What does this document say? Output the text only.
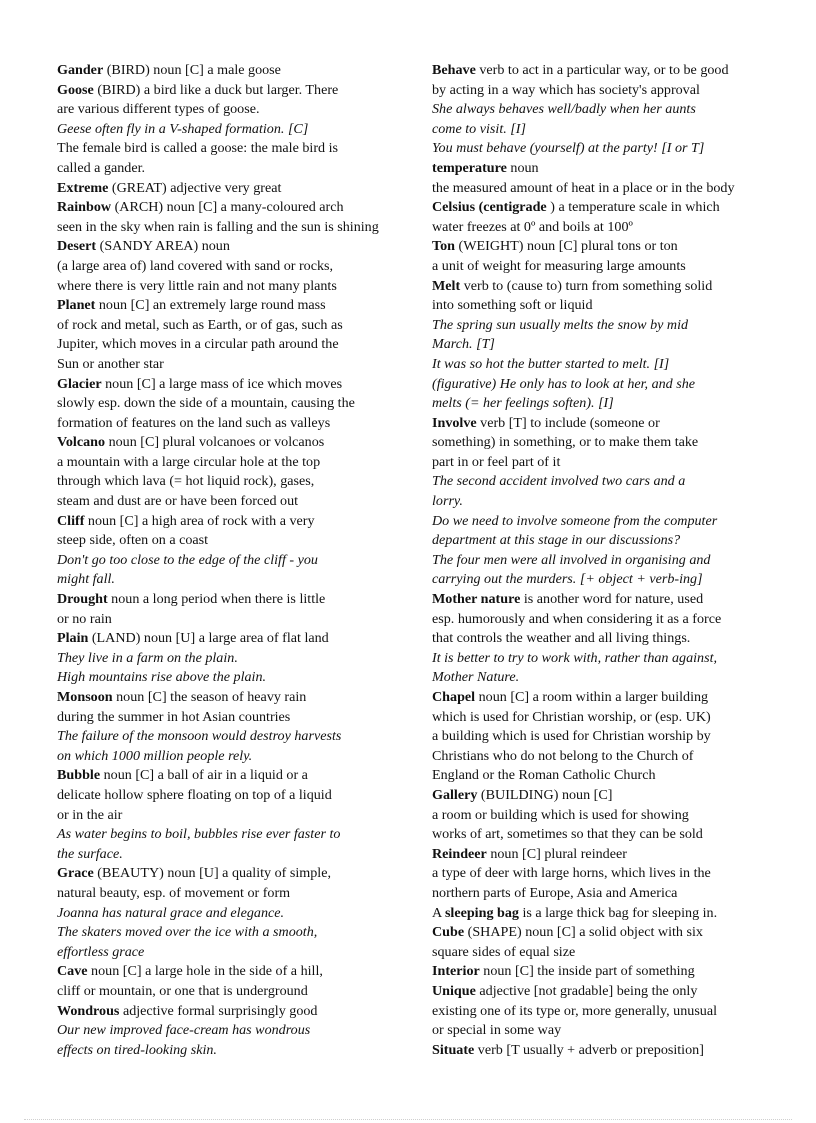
Gander (BIRD) noun [C] a male goose
Goose (BIRD) a bird like a duck but larger. There
are various different types of goose.
Geese often fly in a V-shaped formation. [C]
The female bird is called a goose: the male bird is
called a gander.
Extreme (GREAT) adjective very great
Rainbow (ARCH) noun [C] a many-coloured arch
seen in the sky when rain is falling and the sun is shining
Desert (SANDY AREA) noun
(a large area of) land covered with sand or rocks,
where there is very little rain and not many plants
Planet noun [C] an extremely large round mass
of rock and metal, such as Earth, or of gas, such as
Jupiter, which moves in a circular path around the
Sun or another star
Glacier noun [C] a large mass of ice which moves
slowly esp. down the side of a mountain, causing the
formation of features on the land such as valleys
Volcano noun [C] plural volcanoes or volcanos
a mountain with a large circular hole at the top
through which lava (= hot liquid rock), gases,
steam and dust are or have been forced out
Cliff noun [C] a high area of rock with a very
steep side, often on a coast
Don't go too close to the edge of the cliff - you
might fall.
Drought noun a long period when there is little
or no rain
Plain (LAND) noun [U] a large area of flat land
They live in a farm on the plain.
High mountains rise above the plain.
Monsoon noun [C] the season of heavy rain
during the summer in hot Asian countries
The failure of the monsoon would destroy harvests
on which 1000 million people rely.
Bubble noun [C] a ball of air in a liquid or a
delicate hollow sphere floating on top of a liquid
or in the air
As water begins to boil, bubbles rise ever faster to
the surface.
Grace (BEAUTY) noun [U] a quality of simple,
natural beauty, esp. of movement or form
Joanna has natural grace and elegance.
The skaters moved over the ice with a smooth,
effortless grace
Cave noun [C] a large hole in the side of a hill,
cliff or mountain, or one that is underground
Wondrous adjective formal surprisingly good
Our new improved face-cream has wondrous
effects on tired-looking skin.
Behave verb to act in a particular way, or to be good
by acting in a way which has society's approval
She always behaves well/badly when her aunts
come to visit. [I]
You must behave (yourself) at the party! [I or T]
temperature noun
the measured amount of heat in a place or in the body
Celsius (centigrade ) a temperature scale in which
water freezes at 0º and boils at 100º
Ton (WEIGHT) noun [C] plural tons or ton
a unit of weight for measuring large amounts
Melt verb to (cause to) turn from something solid
into something soft or liquid
The spring sun usually melts the snow by mid
March. [T]
It was so hot the butter started to melt. [I]
(figurative) He only has to look at her, and she
melts (= her feelings soften). [I]
Involve verb [T] to include (someone or
something) in something, or to make them take
part in or feel part of it
The second accident involved two cars and a
lorry.
Do we need to involve someone from the computer
department at this stage in our discussions?
The four men were all involved in organising and
carrying out the murders. [+ object + verb-ing]
Mother nature is another word for nature, used
esp. humorously and when considering it as a force
that controls the weather and all living things.
It is better to try to work with, rather than against,
Mother Nature.
Chapel noun [C] a room within a larger building
which is used for Christian worship, or (esp. UK)
a building which is used for Christian worship by
Christians who do not belong to the Church of
England or the Roman Catholic Church
Gallery (BUILDING) noun [C]
a room or building which is used for showing
works of art, sometimes so that they can be sold
Reindeer noun [C] plural reindeer
a type of deer with large horns, which lives in the
northern parts of Europe, Asia and America
A sleeping bag is a large thick bag for sleeping in.
Cube (SHAPE) noun [C] a solid object with six
square sides of equal size
Interior noun [C] the inside part of something
Unique adjective [not gradable] being the only
existing one of its type or, more generally, unusual
or special in some way
Situate verb [T usually + adverb or preposition]
